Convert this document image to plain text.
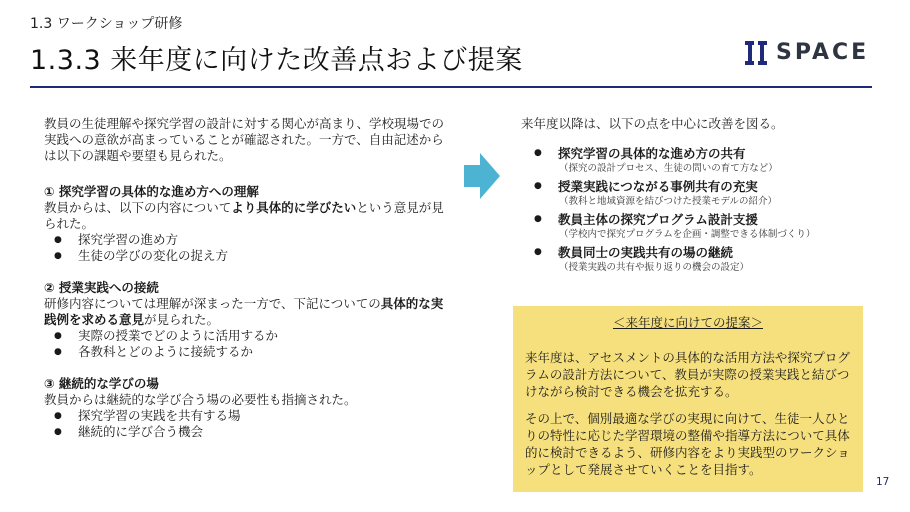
1.3 ワークショップ研修
1.3.3 来年度に向けた改善点および提案	SPACE

教員の生徒理解や探究学習の設計に対する関心が高まり、学校現場での実践への意欲が高まっていることが確認された。一方で、自由記述からは以下の課題や要望も見られた。

① 探究学習の具体的な進め方への理解

教員からは、以下の内容についてより具体的に学びたいという意見が見られた。

● 探究学習の進め方
● 生徒の学びの変化の捉え方

② 授業実践への接続

研修内容については理解が深まった一方で、下記についての具体的な実践例を求める意見が見られた。

● 実際の授業でどのように活用するか
● 各教科とどのように接続するか

③ 継続的な学びの場

教員からは継続的な学び合う場の必要性も指摘された。

● 探究学習の実践を共有する場
● 継続的に学び合う機会

来年度以降は、以下の点を中心に改善を図る。

● 探究学習の具体的な進め方の共有
（探究の設計プロセス、生徒の問いの育て方など）
● 授業実践につながる事例共有の充実
（教科と地域資源を結びつけた授業モデルの紹介）
● 教員主体の探究プログラム設計支援
（学校内で探究プログラムを企画・調整できる体制づくり）
● 教員同士の実践共有の場の継続
（授業実践の共有や振り返りの機会の設定）
＜来年度に向けての提案＞

来年度は、アセスメントの具体的な活用方法や探究プログラムの設計方法について、教員が実際の授業実践と結びつけながら検討できる機会を拡充する。

その上で、個別最適な学びの実現に向けて、生徒一人ひとりの特性に応じた学習環境の整備や指導方法について具体的に検討できるよう、研修内容をより実践型のワークショップとして発展させていくことを目指す。

17
